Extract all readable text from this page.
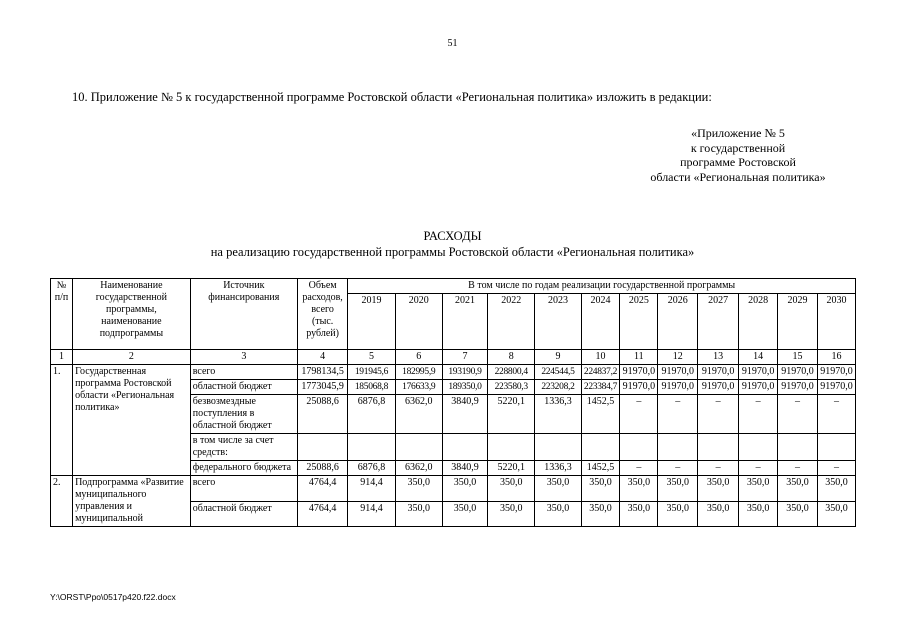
51
10. Приложение № 5 к государственной программе Ростовской области «Региональная политика» изложить в редакции:
«Приложение № 5
к государственной
программе Ростовской
области «Региональная политика»
РАСХОДЫ
на реализацию государственной программы Ростовской области «Региональная политика»
№ п/п	Наименование государственной программы, наименование подпрограммы	Источник финансирования	Объем расходов, всего (тыс. рублей)	В том числе по годам реализации государственной программы											
				2019	2020	2021	2022	2023	2024	2025	2026	2027	2028	2029	2030
1	2	3	4	5	6	7	8	9	10	11	12	13	14	15	16
1.	Государственная программа Ростовской области «Региональная политика»	всего	1798134,5	191945,6	182995,9	193190,9	228800,4	224544,5	224837,2	91970,0	91970,0	91970,0	91970,0	91970,0	91970,0
		областной бюджет	1773045,9	185068,8	176633,9	189350,0	223580,3	223208,2	223384,7	91970,0	91970,0	91970,0	91970,0	91970,0	91970,0
		безвозмездные поступления в областной бюджет	25088,6	6876,8	6362,0	3840,9	5220,1	1336,3	1452,5	–	–	–	–	–	–
		в том числе за счет средств:													
		федерального бюджета	25088,6	6876,8	6362,0	3840,9	5220,1	1336,3	1452,5	–	–	–	–	–	–
2.	Подпрограмма «Развитие муниципального управления и муниципальной	всего	4764,4	914,4	350,0	350,0	350,0	350,0	350,0	350,0	350,0	350,0	350,0	350,0	350,0
		областной бюджет	4764,4	914,4	350,0	350,0	350,0	350,0	350,0	350,0	350,0	350,0	350,0	350,0	350,0
Y:\ORST\Ppo\0517p420.f22.docx
